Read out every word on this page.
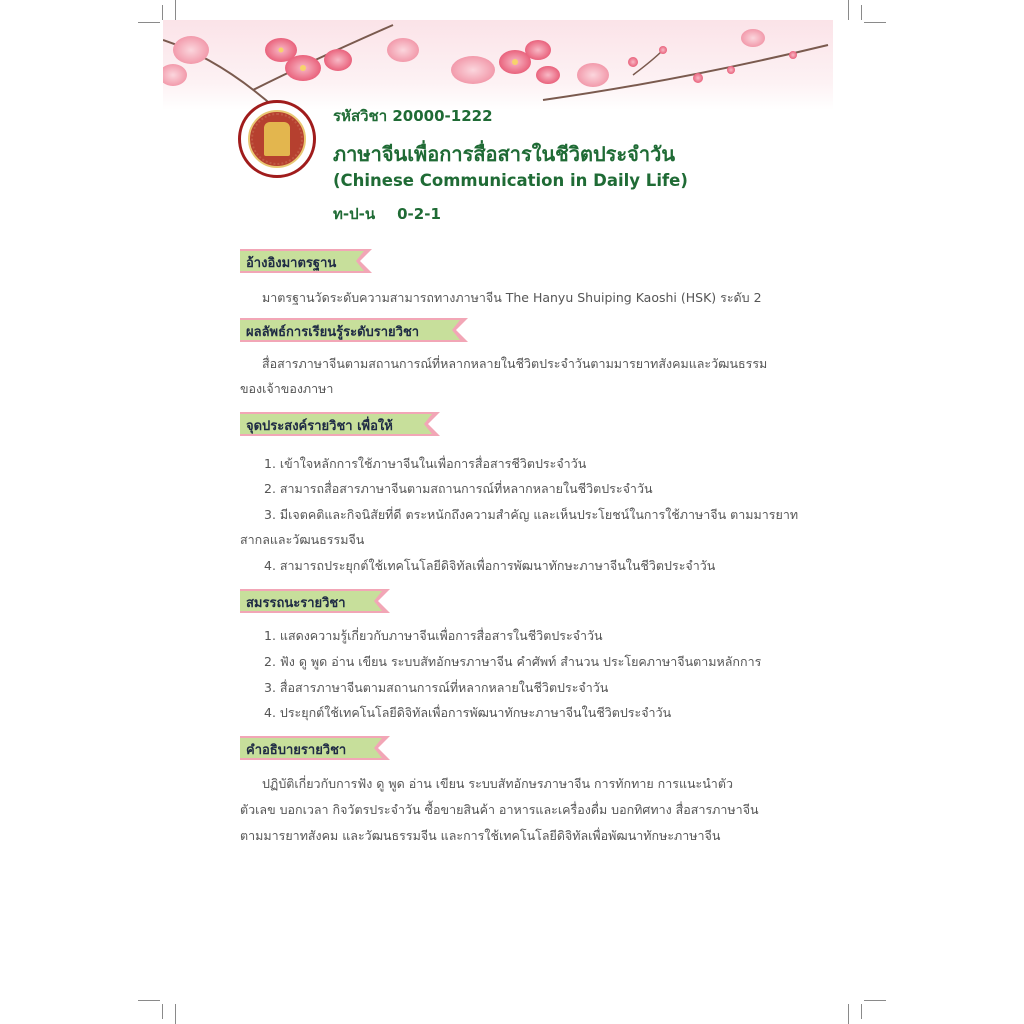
รหัสวิชา 20000-1222
ภาษาจีนเพื่อการสื่อสารในชีวิตประจำวัน
(Chinese Communication in Daily Life)
ท-ป-น 0-2-1
อ้างอิงมาตรฐาน
มาตรฐานวัดระดับความสามารถทางภาษาจีน The Hanyu Shuiping Kaoshi (HSK) ระดับ 2
ผลลัพธ์การเรียนรู้ระดับรายวิชา
สื่อสารภาษาจีนตามสถานการณ์ที่หลากหลายในชีวิตประจำวันตามมารยาทสังคมและวัฒนธรรม
ของเจ้าของภาษา
จุดประสงค์รายวิชา เพื่อให้
1. เข้าใจหลักการใช้ภาษาจีนในเพื่อการสื่อสารชีวิตประจำวัน
2. สามารถสื่อสารภาษาจีนตามสถานการณ์ที่หลากหลายในชีวิตประจำวัน
3. มีเจตคติและกิจนิสัยที่ดี ตระหนักถึงความสำคัญ และเห็นประโยชน์ในการใช้ภาษาจีน ตามมารยาท
สากลและวัฒนธรรมจีน
4. สามารถประยุกต์ใช้เทคโนโลยีดิจิทัลเพื่อการพัฒนาทักษะภาษาจีนในชีวิตประจำวัน
สมรรถนะรายวิชา
1. แสดงความรู้เกี่ยวกับภาษาจีนเพื่อการสื่อสารในชีวิตประจำวัน
2. ฟัง ดู พูด อ่าน เขียน ระบบสัทอักษรภาษาจีน คำศัพท์ สำนวน ประโยคภาษาจีนตามหลักการ
3. สื่อสารภาษาจีนตามสถานการณ์ที่หลากหลายในชีวิตประจำวัน
4. ประยุกต์ใช้เทคโนโลยีดิจิทัลเพื่อการพัฒนาทักษะภาษาจีนในชีวิตประจำวัน
คำอธิบายรายวิชา
ปฏิบัติเกี่ยวกับการฟัง ดู พูด อ่าน เขียน ระบบสัทอักษรภาษาจีน การทักทาย การแนะนำตัว
ตัวเลข บอกเวลา กิจวัตรประจำวัน ซื้อขายสินค้า อาหารและเครื่องดื่ม บอกทิศทาง สื่อสารภาษาจีน
ตามมารยาทสังคม และวัฒนธรรมจีน และการใช้เทคโนโลยีดิจิทัลเพื่อพัฒนาทักษะภาษาจีน
